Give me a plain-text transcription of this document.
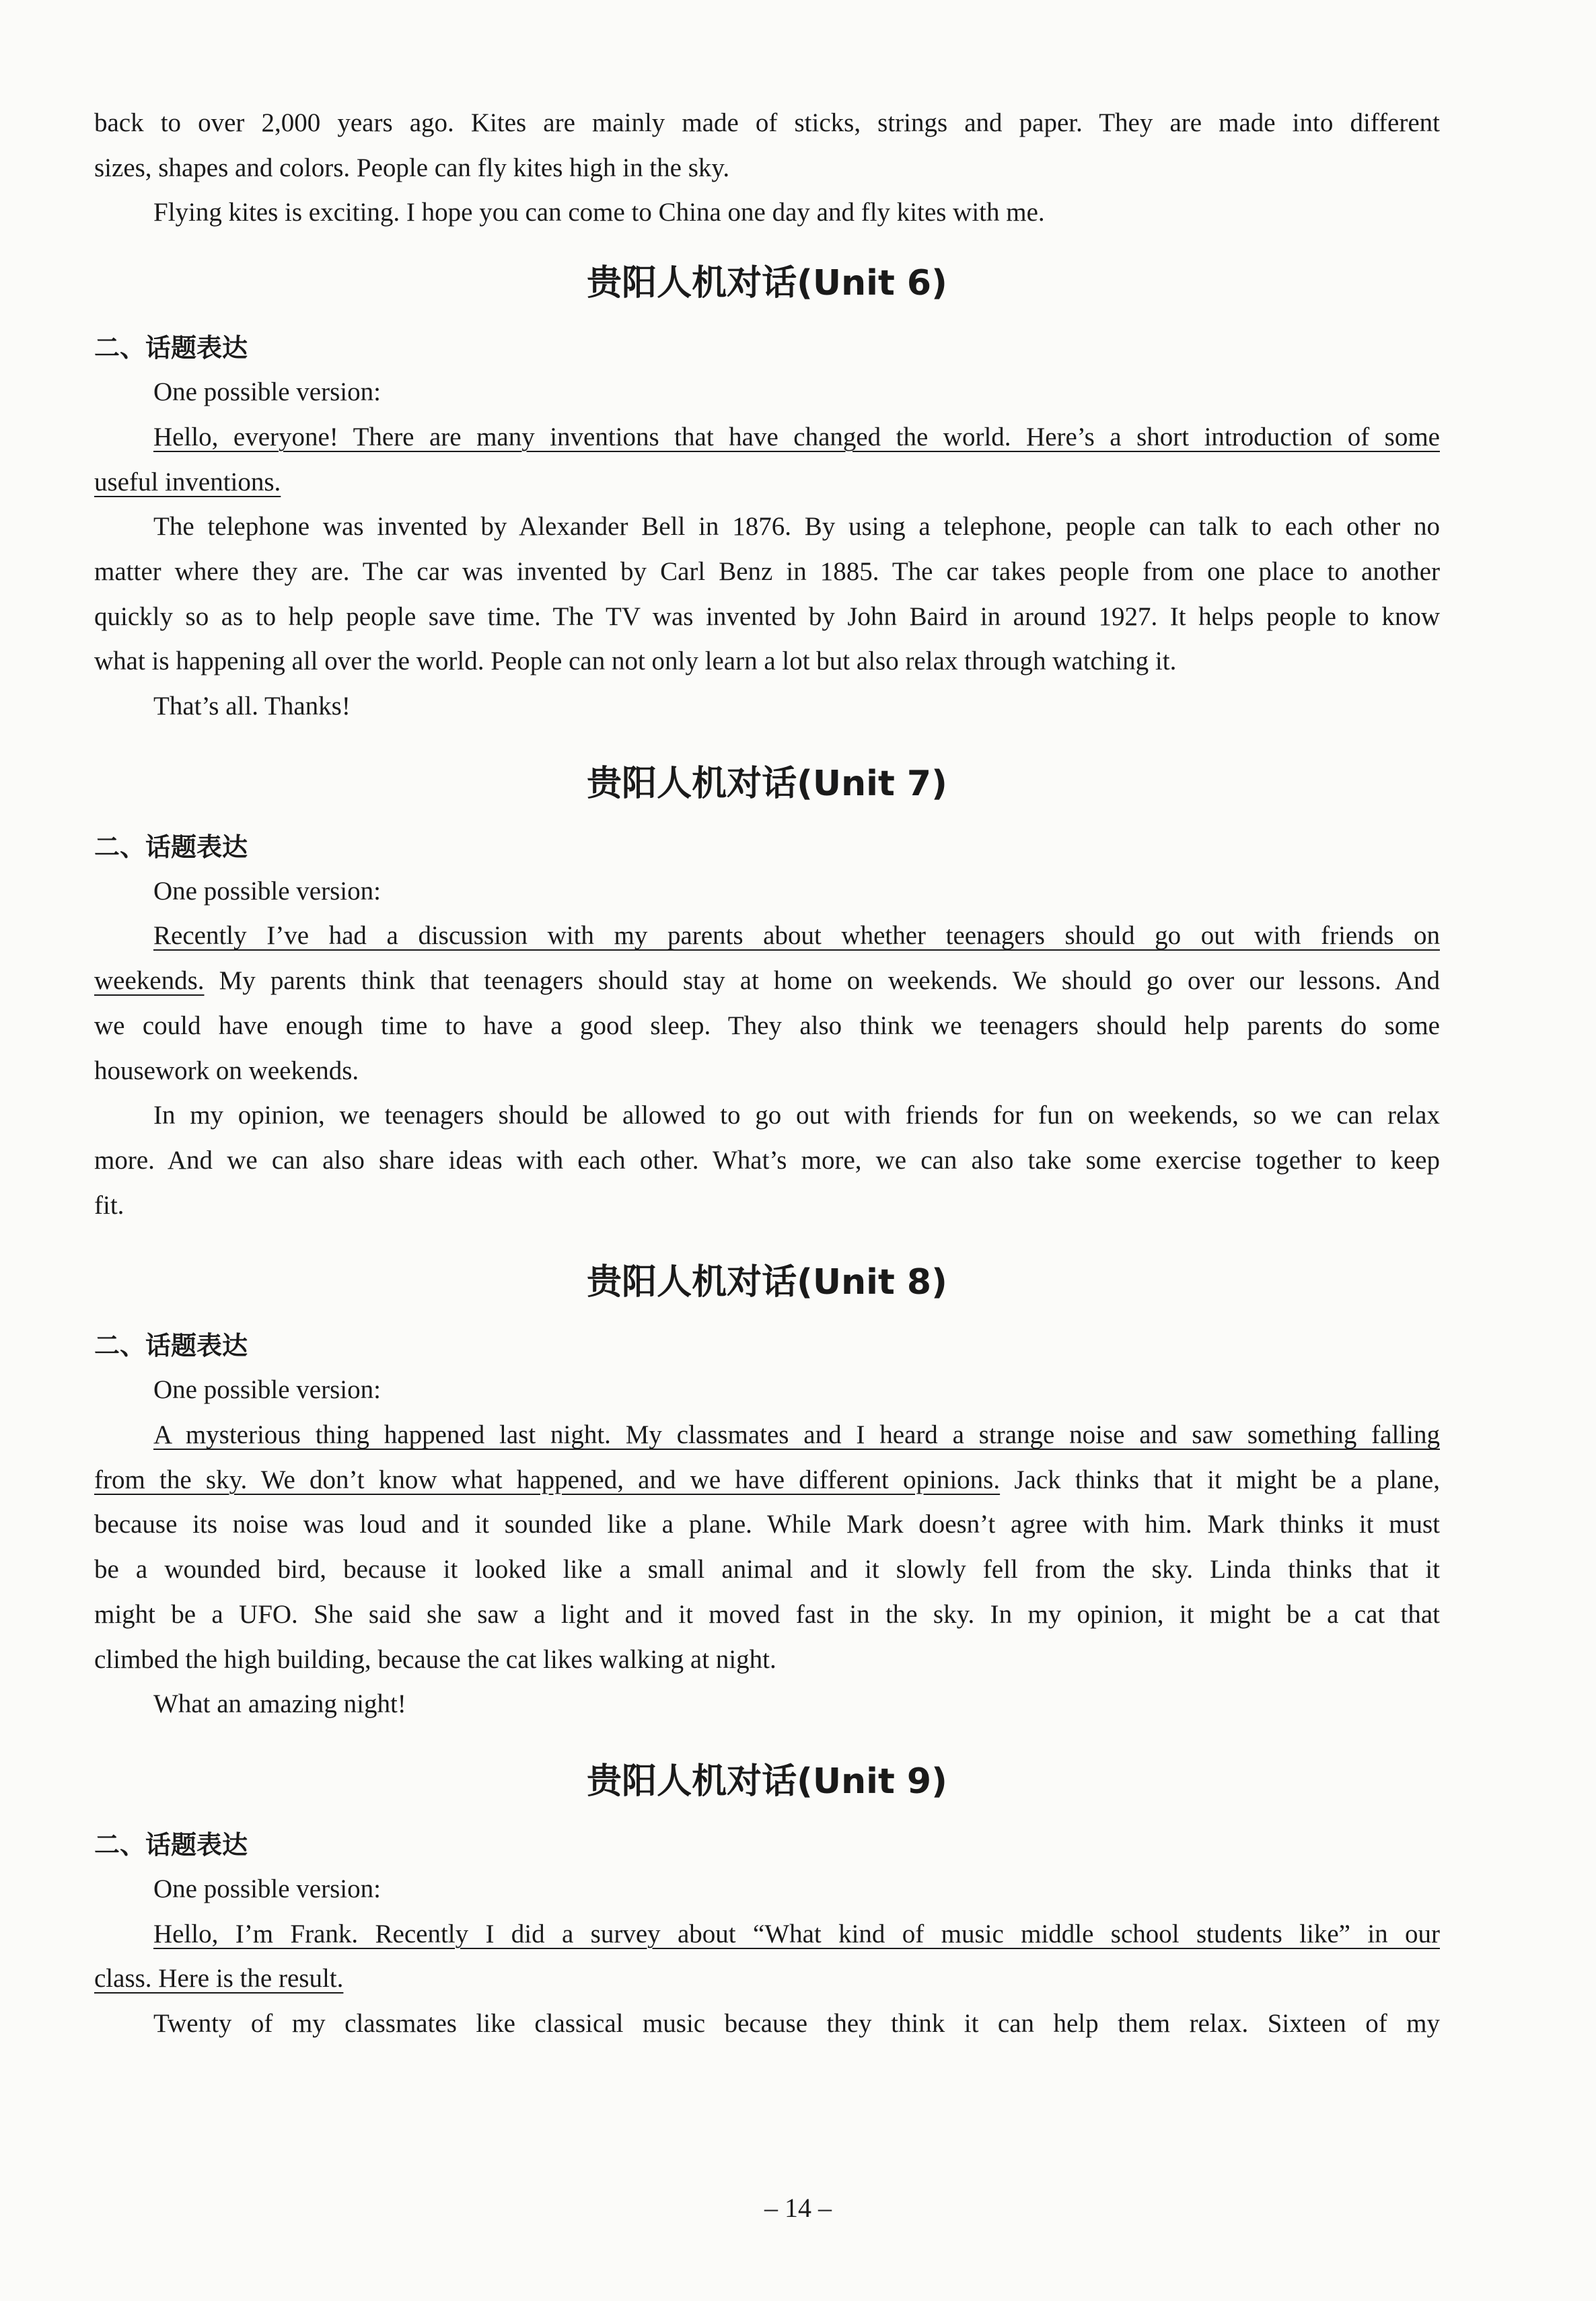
back to over 2,000 years ago. Kites are mainly made of sticks, strings and paper. They are made into different

sizes, shapes and colors. People can fly kites high in the sky.

Flying kites is exciting. I hope you can come to China one day and fly kites with me.

贵阳人机对话(Unit 6)

二、话题表达

One possible version:

Hello, everyone! There are many inventions that have changed the world. Here’s a short introduction of some

useful inventions.

The telephone was invented by Alexander Bell in 1876. By using a telephone, people can talk to each other no

matter where they are. The car was invented by Carl Benz in 1885. The car takes people from one place to another

quickly so as to help people save time. The TV was invented by John Baird in around 1927. It helps people to know

what is happening all over the world. People can not only learn a lot but also relax through watching it.

That’s all. Thanks!

贵阳人机对话(Unit 7)

二、话题表达

One possible version:

Recently I’ve had a discussion with my parents about whether teenagers should go out with friends on

weekends. My parents think that teenagers should stay at home on weekends. We should go over our lessons. And

we could have enough time to have a good sleep. They also think we teenagers should help parents do some

housework on weekends.

In my opinion, we teenagers should be allowed to go out with friends for fun on weekends, so we can relax

more. And we can also share ideas with each other. What’s more, we can also take some exercise together to keep

fit.

贵阳人机对话(Unit 8)

二、话题表达

One possible version:

A mysterious thing happened last night. My classmates and I heard a strange noise and saw something falling

from the sky. We don’t know what happened, and we have different opinions. Jack thinks that it might be a plane,

because its noise was loud and it sounded like a plane. While Mark doesn’t agree with him. Mark thinks it must

be a wounded bird, because it looked like a small animal and it slowly fell from the sky. Linda thinks that it

might be a UFO. She said she saw a light and it moved fast in the sky. In my opinion, it might be a cat that

climbed the high building, because the cat likes walking at night.

What an amazing night!

贵阳人机对话(Unit 9)

二、话题表达

One possible version:

Hello, I’m Frank. Recently I did a survey about “What kind of music middle school students like” in our

class. Here is the result.

Twenty of my classmates like classical music because they think it can help them relax. Sixteen of my

– 14 –
